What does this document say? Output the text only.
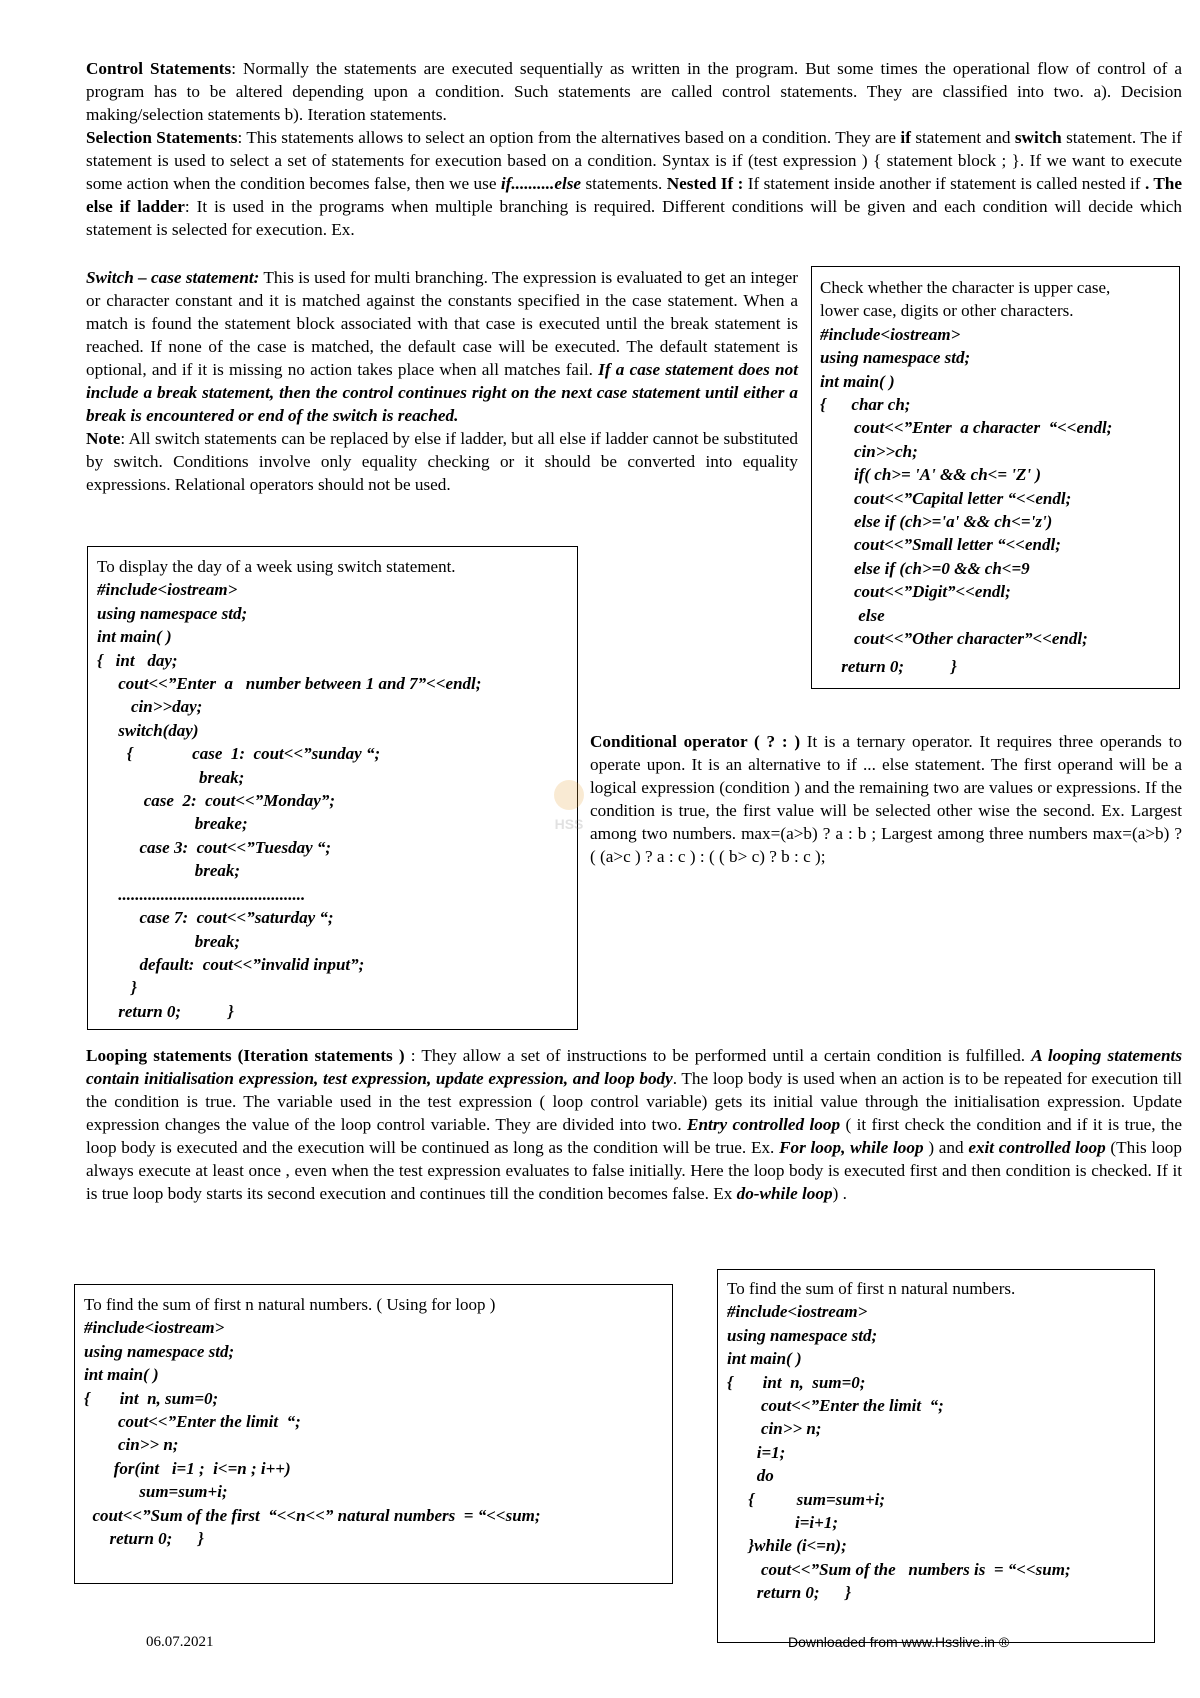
Control Statements: Normally the statements are executed sequentially as written in the program. But some times the operational flow of control of a program has to be altered depending upon a condition. Such statements are called control statements. They are classified into two. a). Decision making/selection statements b). Iteration statements.
Selection Statements: This statements allows to select an option from the alternatives based on a condition. They are if statement and switch statement. The if statement is used to select a set of statements for execution based on a condition. Syntax is if (test expression ) { statement block ; }. If we want to execute some action when the condition becomes false, then we use if..........else statements. Nested If : If statement inside another if statement is called nested if . The else if ladder: It is used in the programs when multiple branching is required. Different conditions will be given and each condition will decide which statement is selected for execution. Ex.
Switch – case statement: This is used for multi branching. The expression is evaluated to get an integer or character constant and it is matched against the constants specified in the case statement. When a match is found the statement block associated with that case is executed until the break statement is reached. If none of the case is matched, the default case will be executed. The default statement is optional, and if it is missing no action takes place when all matches fail. If a case statement does not include a break statement, then the control continues right on the next case statement until either a break is encountered or end of the switch is reached.
Note: All switch statements can be replaced by else if ladder, but all else if ladder cannot be substituted by switch. Conditions involve only equality checking or it should be converted into equality expressions. Relational operators should not be used.
Check whether the character is upper case,
lower case, digits or other characters.
#include<iostream>
using namespace std;
int main( )
{      char ch;
cout<<”Enter  a character  “<<endl;
cin>>ch;
if( ch>= 'A' && ch<= 'Z' )
cout<<”Capital letter “<<endl;
else if (ch>='a' && ch<='z')
cout<<”Small letter “<<endl;
else if (ch>=0 && ch<=9
cout<<”Digit”<<endl;
else
cout<<”Other character”<<endl;
return 0;           }
To display the day of a week using switch statement.
#include<iostream>
using namespace std;
int main( )
{   int   day;
cout<<”Enter  a   number between 1 and 7”<<endl;
cin>>day;
switch(day)
{              case  1:  cout<<”sunday “;
break;
case  2:  cout<<”Monday”;
breake;
case 3:  cout<<”Tuesday “;
break;
............................................
case 7:  cout<<”saturday “;
break;
default:  cout<<”invalid input”;
}
return 0;           }
HSS
Conditional operator ( ? : ) It is a ternary operator. It requires three operands to operate upon. It is an alternative to if ... else statement. The first operand will be a logical expression (condition ) and the remaining two are values or expressions. If the condition is true, the first value will be selected other wise the second. Ex. Largest among two numbers. max=(a>b) ? a : b ; Largest among three numbers max=(a>b) ? ( (a>c ) ? a : c ) : ( ( b> c) ? b : c );
Looping statements (Iteration statements ) : They allow a set of instructions to be performed until a certain condition is fulfilled. A looping statements contain initialisation expression, test expression, update expression, and loop body. The loop body is used when an action is to be repeated for execution till the condition is true. The variable used in the test expression ( loop control variable) gets its initial value through the initialisation expression. Update expression changes the value of the loop control variable. They are divided into two. Entry controlled loop ( it first check the condition and if it is true, the loop body is executed and the execution will be continued as long as the condition will be true. Ex. For loop, while loop ) and exit controlled loop (This loop always execute at least once , even when the test expression evaluates to false initially. Here the loop body is executed first and then condition is checked. If it is true loop body starts its second execution and continues till the condition becomes false. Ex do-while loop) .
To find the sum of first n natural numbers. ( Using for loop )
#include<iostream>
using namespace std;
int main( )
{       int  n, sum=0;
cout<<”Enter the limit  “;
cin>> n;
for(int   i=1 ;  i<=n ; i++)
sum=sum+i;
cout<<”Sum of the first  “<<n<<” natural numbers  = “<<sum;
return 0;      }
To find the sum of first n natural numbers.
#include<iostream>
using namespace std;
int main( )
{       int  n,  sum=0;
cout<<”Enter the limit  “;
cin>> n;
i=1;
do
{          sum=sum+i;
i=i+1;
}while (i<=n);
cout<<”Sum of the   numbers is  = “<<sum;
return 0;      }
06.07.2021	Downloaded from www.Hsslive.in ®
